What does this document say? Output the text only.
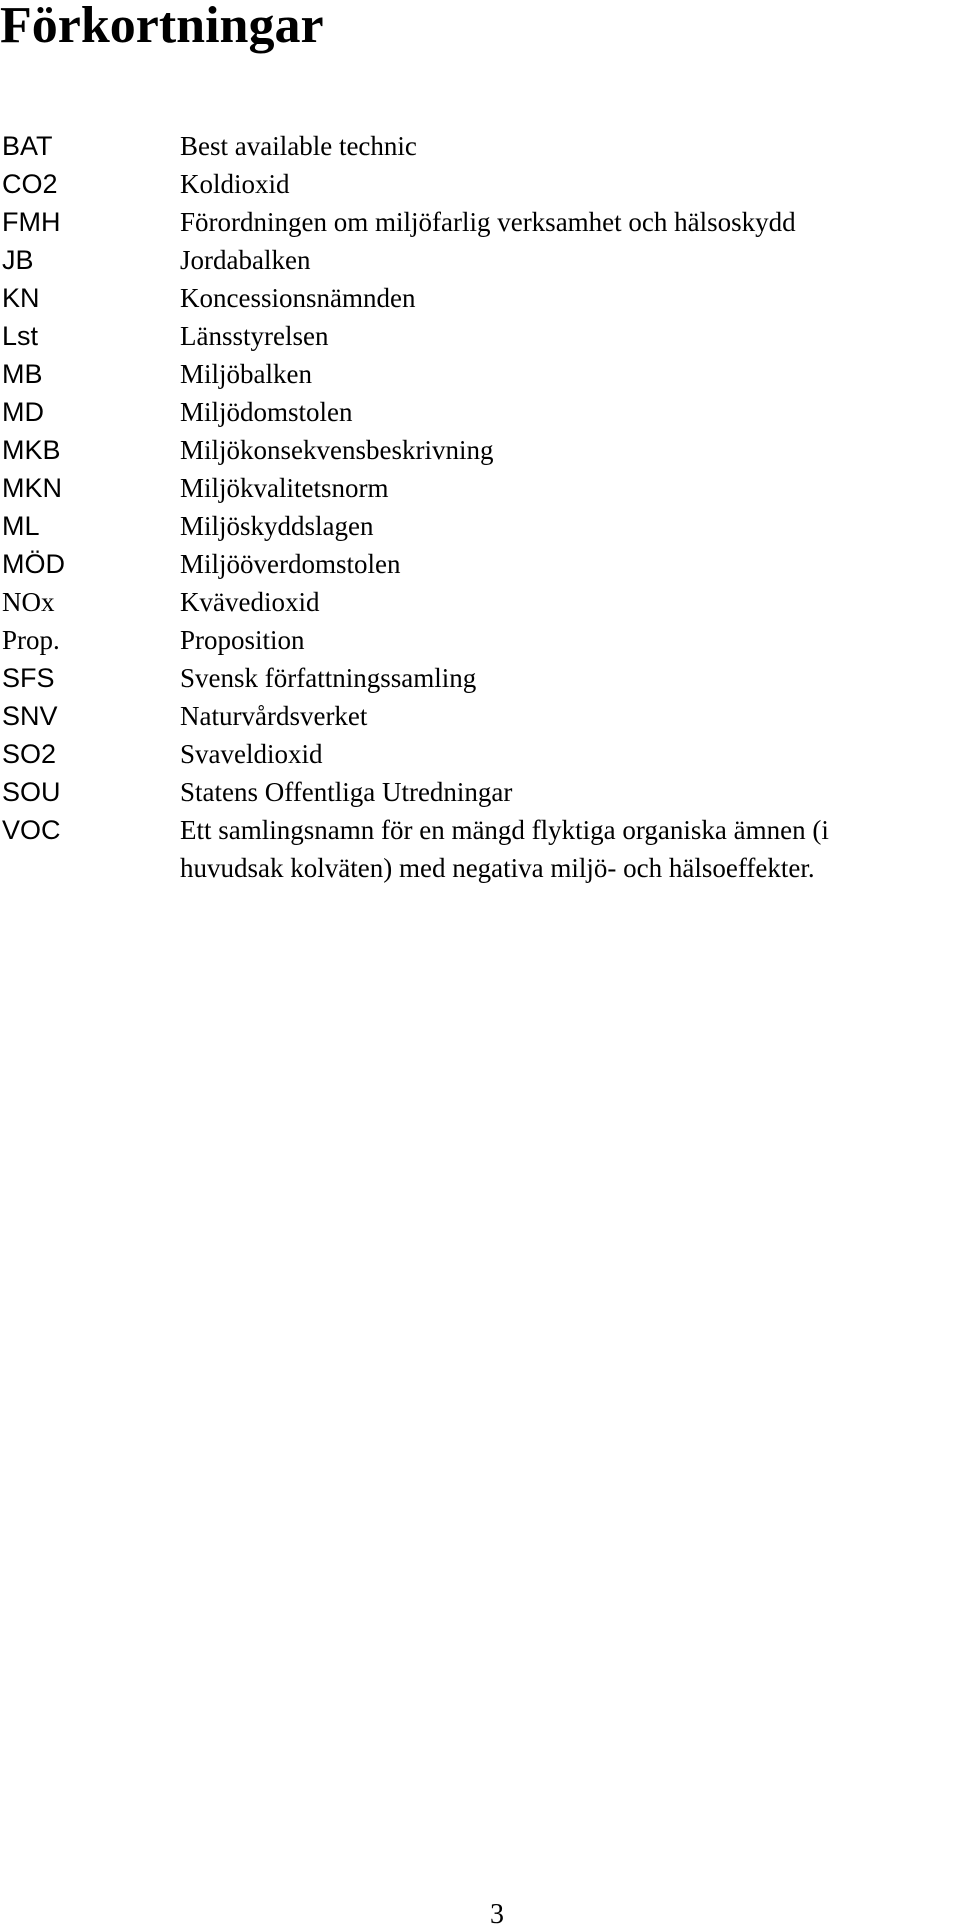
Förkortningar
BAT	Best available technic
CO2	Koldioxid
FMH	Förordningen om miljöfarlig verksamhet och hälsoskydd
JB	Jordabalken
KN	Koncessionsnämnden
Lst	Länsstyrelsen
MB	Miljöbalken
MD	Miljödomstolen
MKB	Miljökonsekvensbeskrivning
MKN	Miljökvalitetsnorm
ML	Miljöskyddslagen
MÖD	Miljööverdomstolen
NOx	Kvävedioxid
Prop.	Proposition
SFS	Svensk författningssamling
SNV	Naturvårdsverket
SO2	Svaveldioxid
SOU	Statens Offentliga Utredningar
VOC	Ett samlingsnamn för en mängd flyktiga organiska ämnen (i
huvudsak kolväten) med negativa miljö- och hälsoeffekter.
3
